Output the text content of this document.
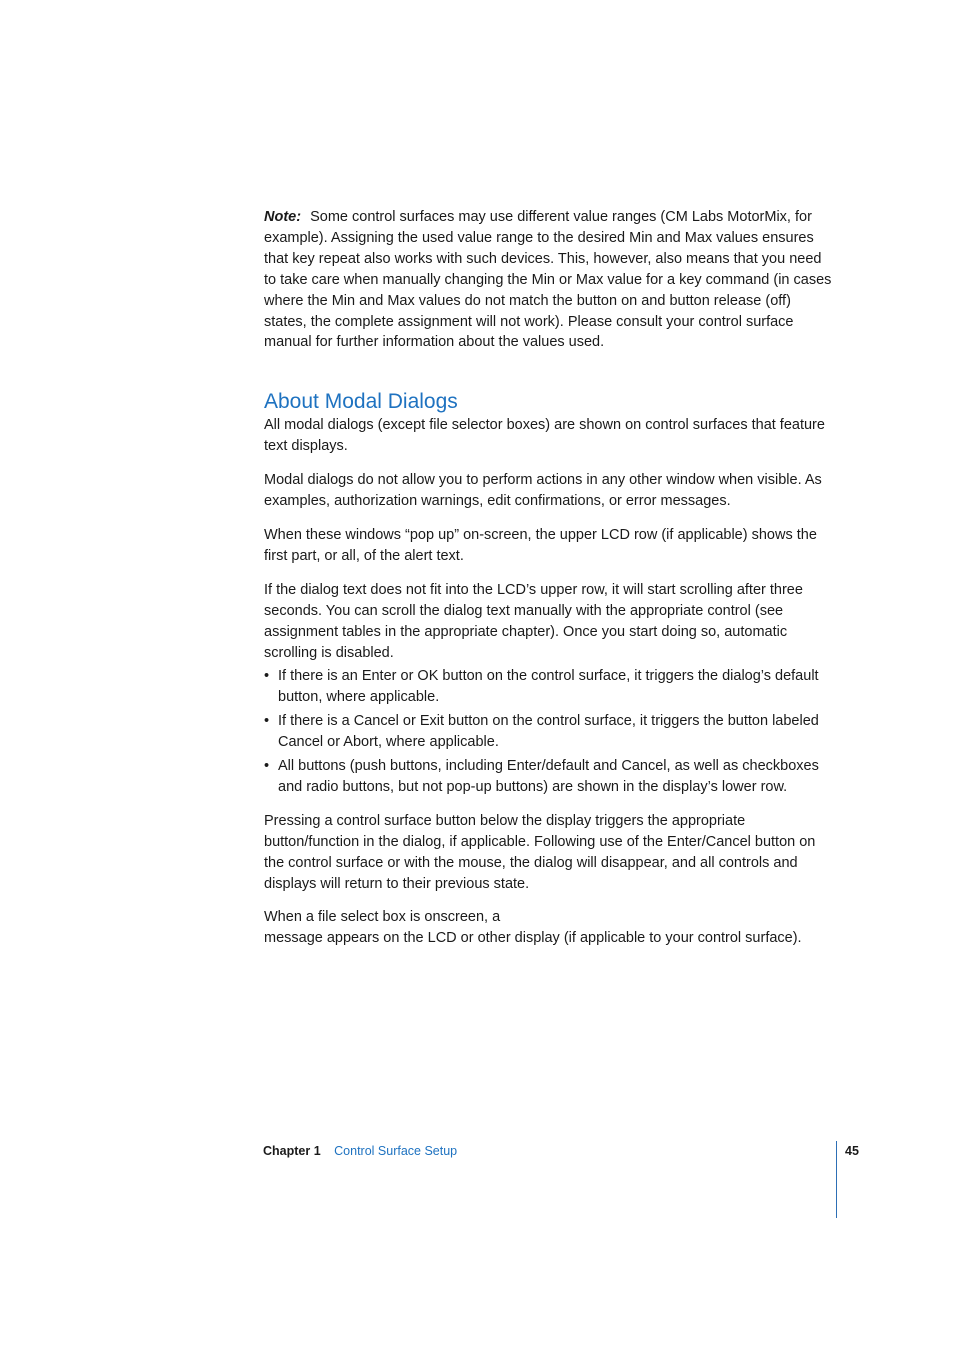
Note: Some control surfaces may use different value ranges (CM Labs MotorMix, for example). Assigning the used value range to the desired Min and Max values ensures that key repeat also works with such devices. This, however, also means that you need to take care when manually changing the Min or Max value for a key command (in cases where the Min and Max values do not match the button on and button release (off) states, the complete assignment will not work). Please consult your control surface manual for further information about the values used.

About Modal Dialogs

All modal dialogs (except file selector boxes) are shown on control surfaces that feature text displays.

Modal dialogs do not allow you to perform actions in any other window when visible. As examples, authorization warnings, edit confirmations, or error messages.

When these windows “pop up” on-screen, the upper LCD row (if applicable) shows the first part, or all, of the alert text.

If the dialog text does not fit into the LCD’s upper row, it will start scrolling after three seconds. You can scroll the dialog text manually with the appropriate control (see assignment tables in the appropriate chapter). Once you start doing so, automatic scrolling is disabled.

• If there is an Enter or OK button on the control surface, it triggers the dialog’s default button, where applicable.
• If there is a Cancel or Exit button on the control surface, it triggers the button labeled Cancel or Abort, where applicable.
• All buttons (push buttons, including Enter/default and Cancel, as well as checkboxes and radio buttons, but not pop-up buttons) are shown in the display’s lower row.

Pressing a control surface button below the display triggers the appropriate button/function in the dialog, if applicable. Following use of the Enter/Cancel button on the control surface or with the mouse, the dialog will disappear, and all controls and displays will return to their previous state.

When a file select box is onscreen, a
message appears on the LCD or other display (if applicable to your control surface).

Chapter 1 Control Surface Setup	45
